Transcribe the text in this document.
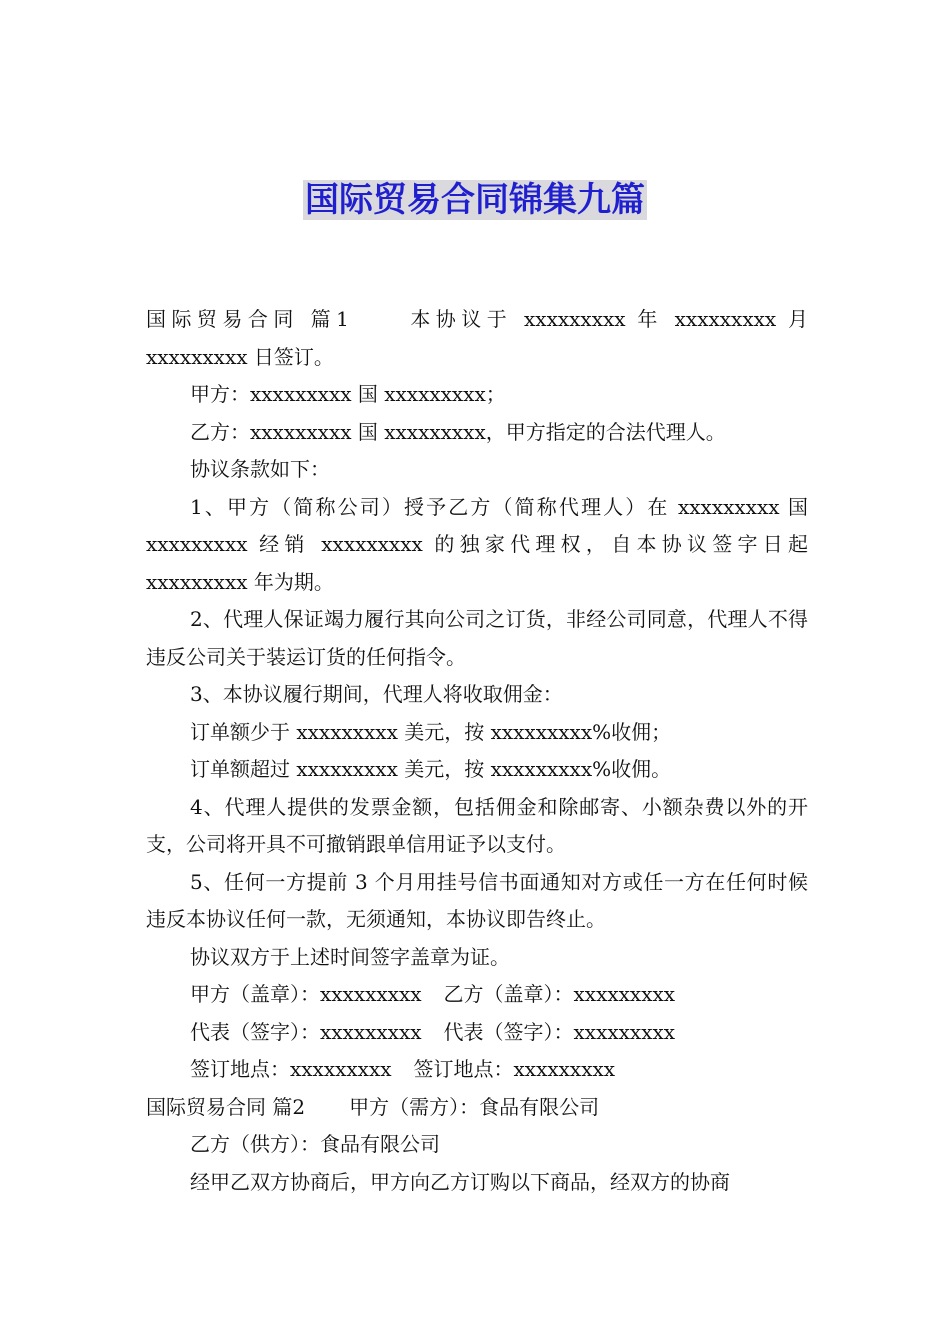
国际贸易合同锦集九篇

国际贸易合同 篇1	本协议于 xxxxxxxxx 年 xxxxxxxxx 月 xxxxxxxxx 日签订。

甲方：xxxxxxxxx 国 xxxxxxxxx；

乙方：xxxxxxxxx 国 xxxxxxxxx，甲方指定的合法代理人。

协议条款如下：

1、甲方（简称公司）授予乙方（简称代理人）在 xxxxxxxxx 国 xxxxxxxxx 经销 xxxxxxxxx 的独家代理权，自本协议签字日起 xxxxxxxxx 年为期。

2、代理人保证竭力履行其向公司之订货，非经公司同意，代理人不得违反公司关于装运订货的任何指令。

3、本协议履行期间，代理人将收取佣金：

订单额少于 xxxxxxxxx 美元，按 xxxxxxxxx%收佣；

订单额超过 xxxxxxxxx 美元，按 xxxxxxxxx%收佣。

4、代理人提供的发票金额，包括佣金和除邮寄、小额杂费以外的开支，公司将开具不可撤销跟单信用证予以支付。

5、任何一方提前 3 个月用挂号信书面通知对方或任一方在任何时候违反本协议任何一款，无须通知，本协议即告终止。

协议双方于上述时间签字盖章为证。

甲方（盖章）：xxxxxxxxx 乙方（盖章）：xxxxxxxxx

代表（签字）：xxxxxxxxx 代表（签字）：xxxxxxxxx

签订地点：xxxxxxxxx 签订地点：xxxxxxxxx

国际贸易合同 篇2 甲方（需方）：食品有限公司

乙方（供方）：食品有限公司

经甲乙双方协商后，甲方向乙方订购以下商品，经双方的协商
